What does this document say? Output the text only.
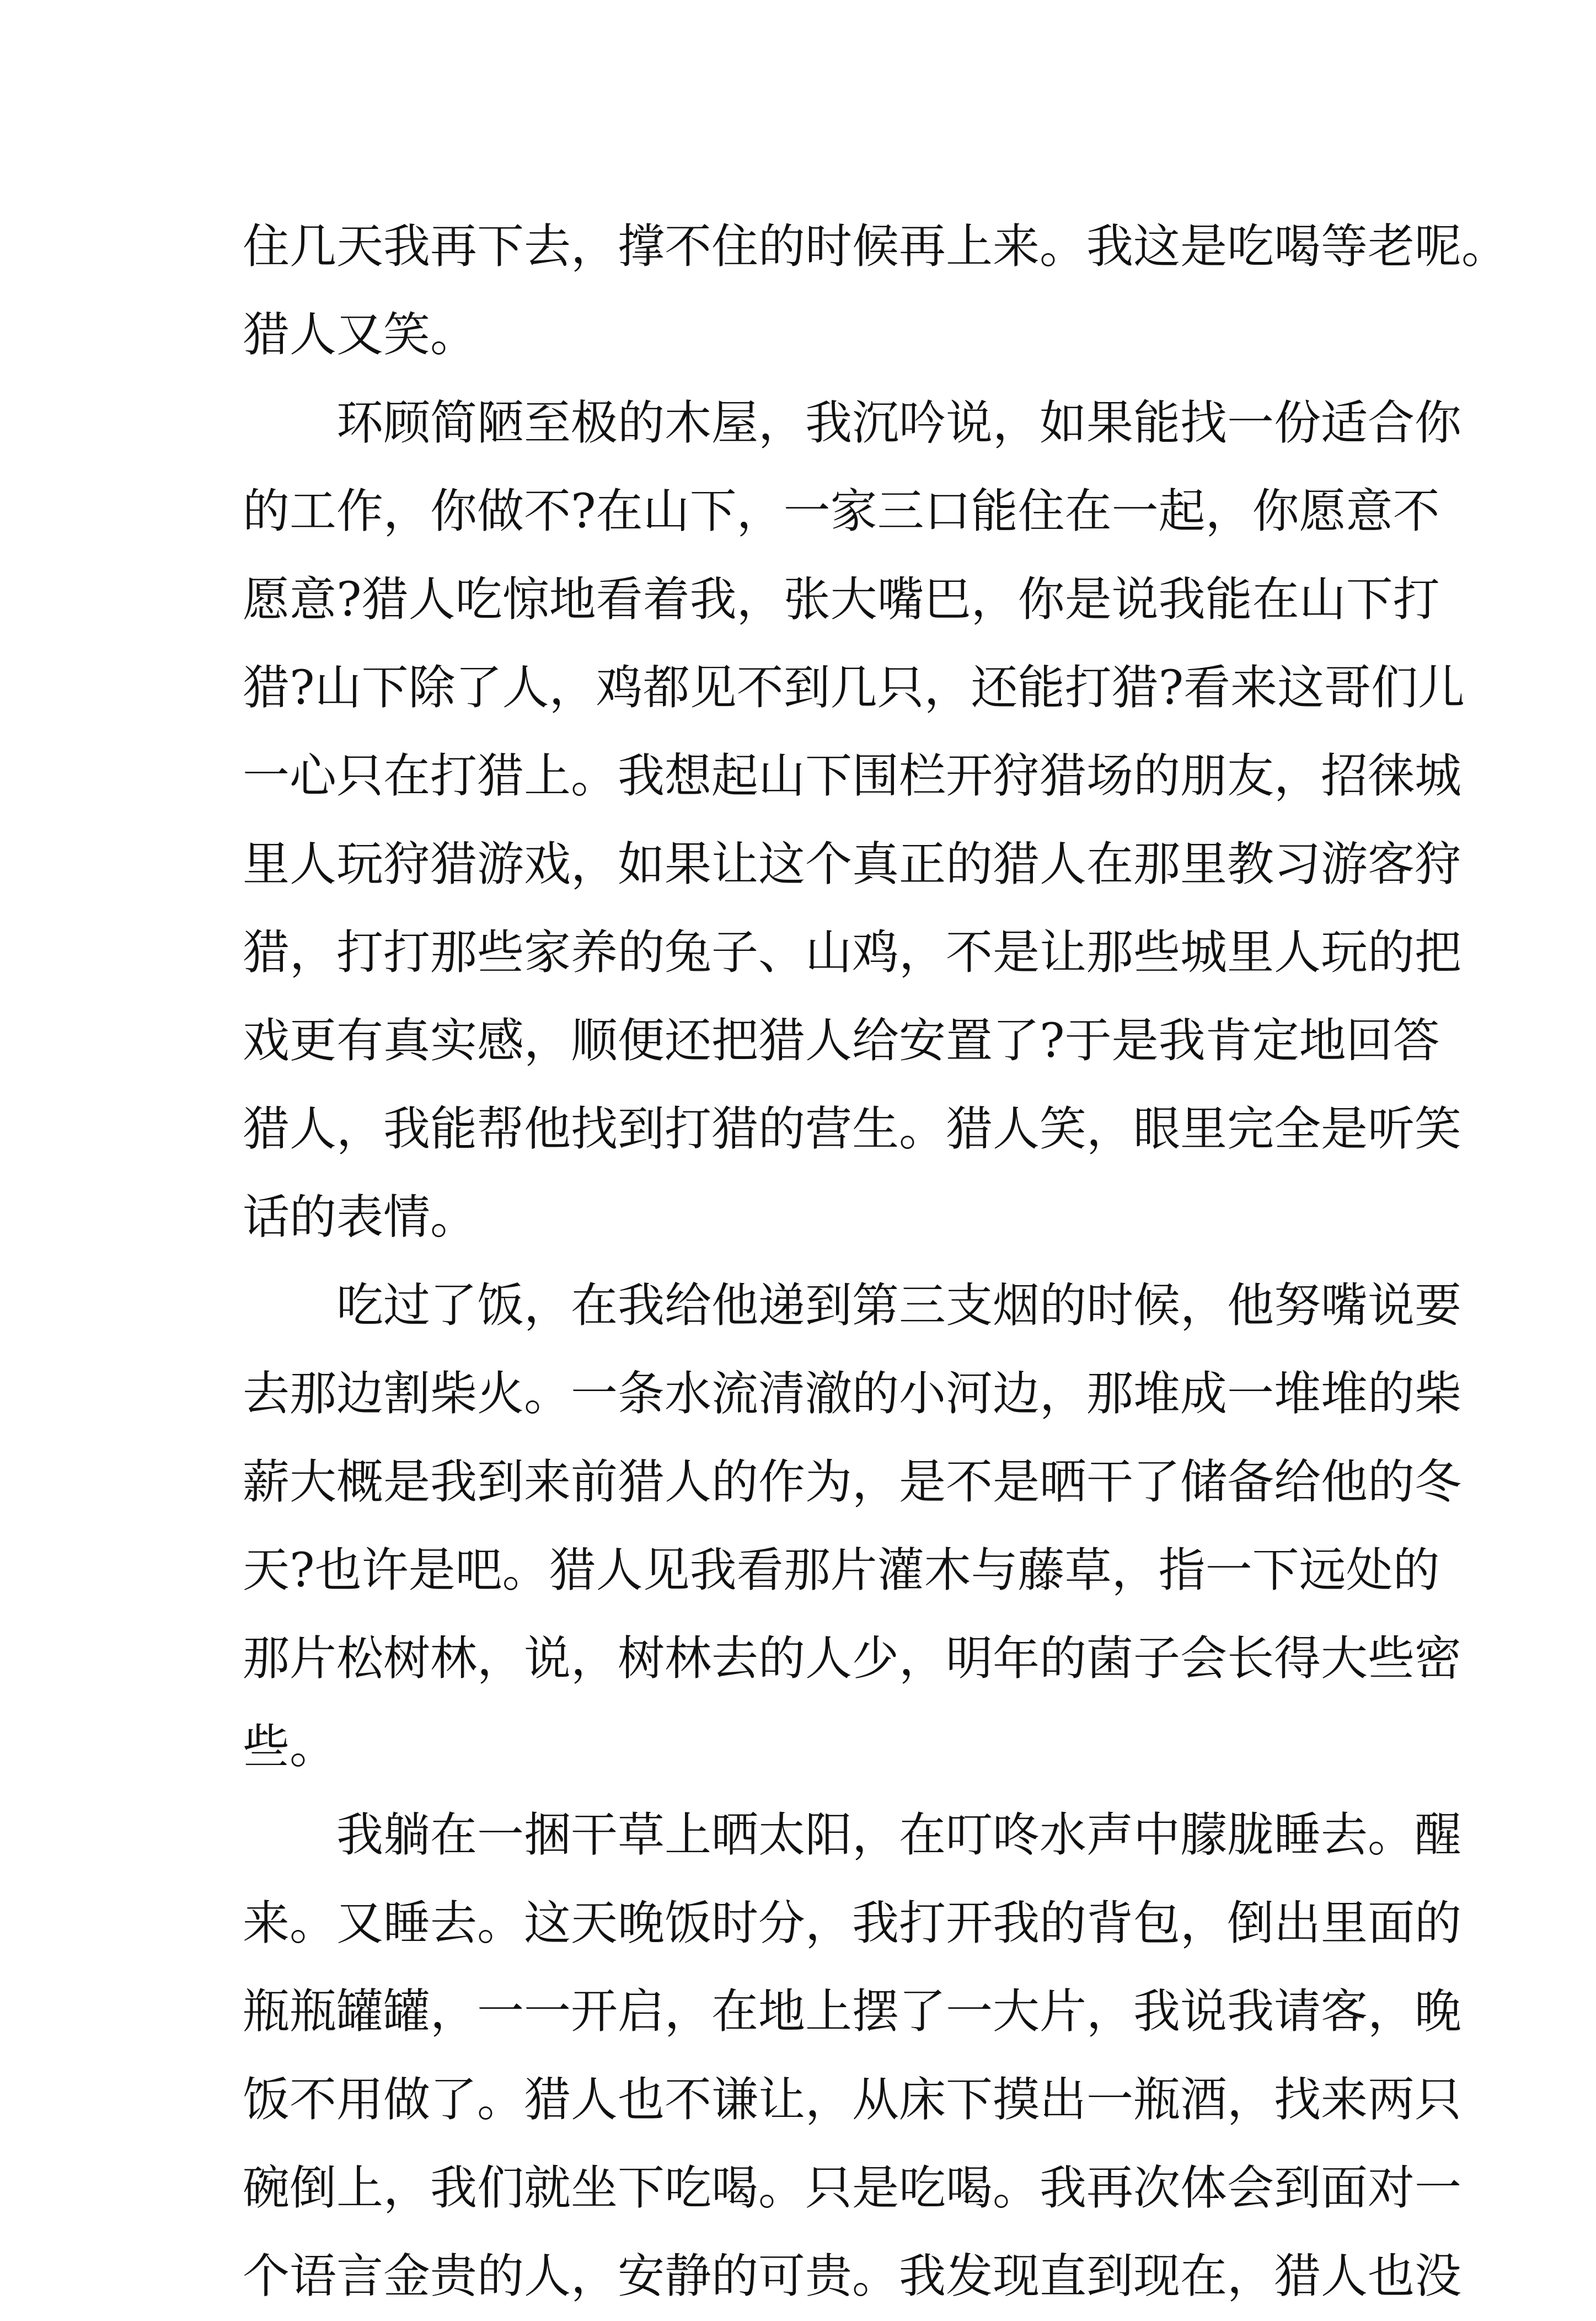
住几天我再下去，撑不住的时候再上来。我这是吃喝等老呢。
猎人又笑。
环顾简陋至极的木屋，我沉吟说，如果能找一份适合你
的工作，你做不?在山下，一家三口能住在一起，你愿意不
愿意?猎人吃惊地看着我，张大嘴巴，你是说我能在山下打
猎?山下除了人，鸡都见不到几只，还能打猎?看来这哥们儿
一心只在打猎上。我想起山下围栏开狩猎场的朋友，招徕城
里人玩狩猎游戏，如果让这个真正的猎人在那里教习游客狩
猎，打打那些家养的兔子、山鸡，不是让那些城里人玩的把
戏更有真实感，顺便还把猎人给安置了?于是我肯定地回答
猎人，我能帮他找到打猎的营生。猎人笑，眼里完全是听笑
话的表情。
吃过了饭，在我给他递到第三支烟的时候，他努嘴说要
去那边割柴火。一条水流清澈的小河边，那堆成一堆堆的柴
薪大概是我到来前猎人的作为，是不是晒干了储备给他的冬
天?也许是吧。猎人见我看那片灌木与藤草，指一下远处的
那片松树林，说，树林去的人少，明年的菌子会长得大些密
些。
我躺在一捆干草上晒太阳，在叮咚水声中朦胧睡去。醒
来。又睡去。这天晚饭时分，我打开我的背包，倒出里面的
瓶瓶罐罐，一一开启，在地上摆了一大片，我说我请客，晚
饭不用做了。猎人也不谦让，从床下摸出一瓶酒，找来两只
碗倒上，我们就坐下吃喝。只是吃喝。我再次体会到面对一
个语言金贵的人，安静的可贵。我发现直到现在，猎人也没
